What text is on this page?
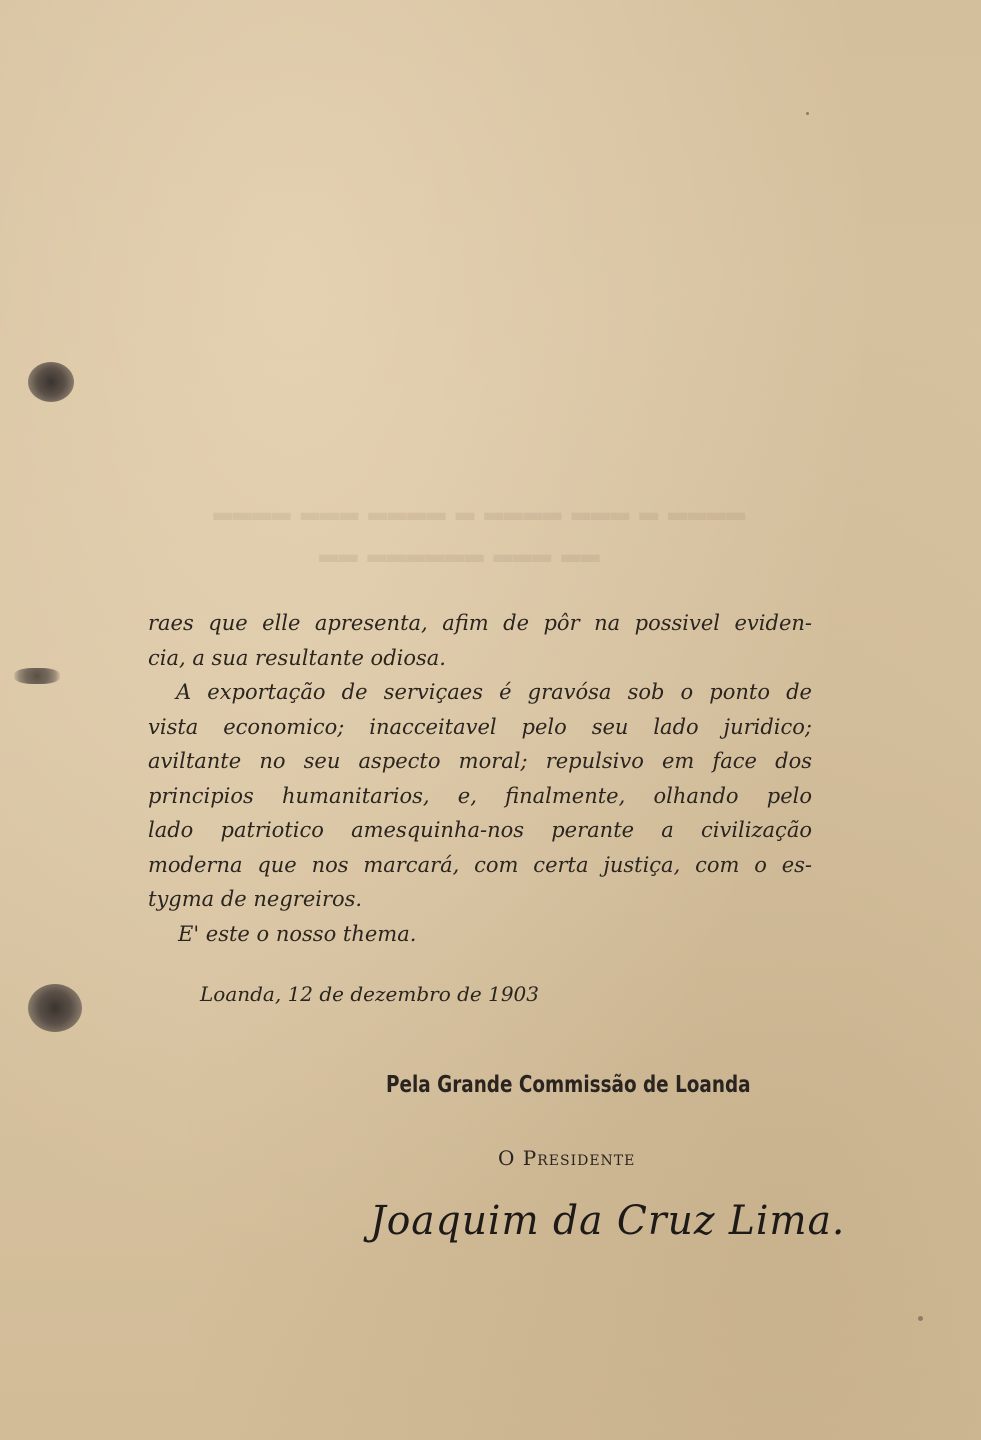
▂▂▂▂ ▂▂▂ ▂▂▂▂ ▂ ▂▂▂▂ ▂▂▂ ▂ ▂▂▂▂
▂▂ ▂▂▂▂▂▂ ▂▂▂ ▂▂
raes que elle apresenta, afim de pôr na possivel eviden-
cia, a sua resultante odiosa.
A exportação de serviçaes é gravósa sob o ponto de
vista economico; inacceitavel pelo seu lado juridico;
aviltante no seu aspecto moral; repulsivo em face dos
principios humanitarios, e, finalmente, olhando pelo
lado patriotico amesquinha-nos perante a civilização
moderna que nos marcará, com certa justiça, com o es-
tygma de negreiros.
E' este o nosso thema.
Loanda, 12 de dezembro de 1903
Pela Grande Commissão de Loanda
O Presidente
Joaquim da Cruz Lima.
